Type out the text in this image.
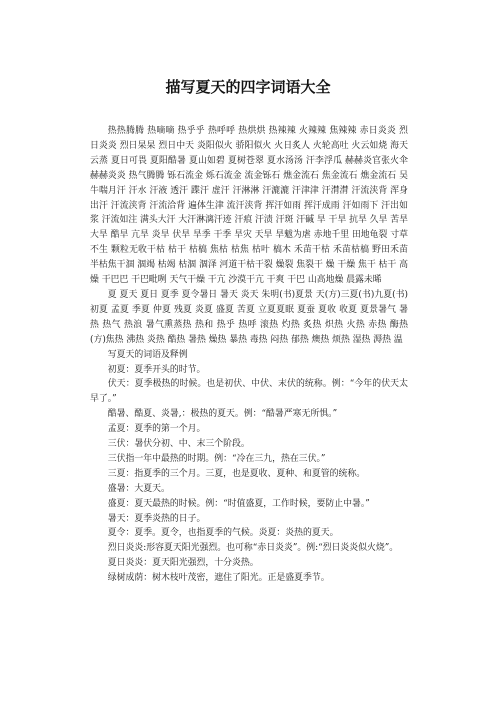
描写夏天的四字词语大全

热热腾腾 热嘀嘀 热乎乎 热呼呼 热烘烘 热辣辣 火辣辣 焦辣辣 赤日炎炎 烈日炎炎 烈日杲杲 烈日中天 炎阳似火 骄阳似火 火日炙人 火轮高吐 火云如烧 海天云蒸 夏日可畏 夏阳酷暑 夏山如碧 夏树苍翠 夏水汤汤 汗李浮瓜 赫赫炎官张火伞赫赫炎炎 热气腾腾 铄石流金 烁石流金 流金铄石 燋金流石 焦金流石 燋金流石 吴牛喘月汗 汗水 汗液 透汗 蹀汗 虚汗 汗淋淋 汗漉漉 汗津津 汗潸潸 汗流浃背 浑身出汗 汗流浃背 汗流洽背 遍体生津 流汗浃背 挥汗如雨 挥汗成雨 汗如雨下 汗出如浆 汗流如注 满头大汗 大汗淋漓汗迹 汗痕 汗渍 汗斑 汗碱 旱 干旱 抗旱 久旱 苦旱 大旱 酷旱 亢旱 炎旱 伏旱 旱季 干季 旱灾 天旱 旱魃为虐 赤地千里 田地龟裂 寸草不生 颗粒无收干枯 枯干 枯槁 焦枯 枯焦 枯叶 槁木 禾苗干枯 禾苗枯槁 野田禾苗半枯焦干涸 涸竭 枯竭 枯涸 涸泽 河道干枯干裂 燥裂 焦裂干 燥 干燥 焦干 枯干 高燥 干巴巴 干巴毗咧 天气干燥 干亢 沙漠干亢 干爽 干巴 山高地燥 晨露未晞

夏 夏天 夏日 夏季 夏令暑日 暑天 炎天 朱明(书)夏景 天(方)三夏(书)九夏(书)初夏 孟夏 季夏 仲夏 残夏 炎夏 盛夏 苦夏 立夏夏眠 夏蚕 夏收 收夏 夏景暑气 暑热 热气 热浪 暑气熏蒸热 热和 热乎 热呼 滚热 灼热 炙热 炽热 火热 赤热 酶热(方)焦热 沸热 炎热 酷热 暑热 燥热 暴热 毒热 闷热 郁热 燠热 烦热 湿热 溽热 温

写夏天的词语及释例

初夏：夏季开头的时节。

伏天：夏季极热的时候。也是初伏、中伏、末伏的统称。例：“今年的伏天太早了。”

酷暑、酷夏、炎暑,：极热的夏天。例：“酷暑严寒无所惧。”

孟夏：夏季的第一个月。

三伏：暑伏分初、中、末三个阶段。

三伏指一年中最热的时期。例：“冷在三九，热在三伏。”

三夏：指夏季的三个月。三夏，也是夏收、夏种、和夏管的统称。

盛暑：大夏天。

盛夏：夏天最热的时候。例：“时值盛夏，工作时候，要防止中暑。”

暑天：夏季炎热的日子。

夏令：夏季。夏令，也指夏季的气候。炎夏：炎热的夏天。

烈日炎炎:形容夏天阳光强烈。也可称“赤日炎炎”。例:“烈日炎炎似火烧”。

夏日炎炎：夏天阳光强烈，十分炎热。

绿树成荫：树木枝叶茂密，遮住了阳光。正是盛夏季节。
